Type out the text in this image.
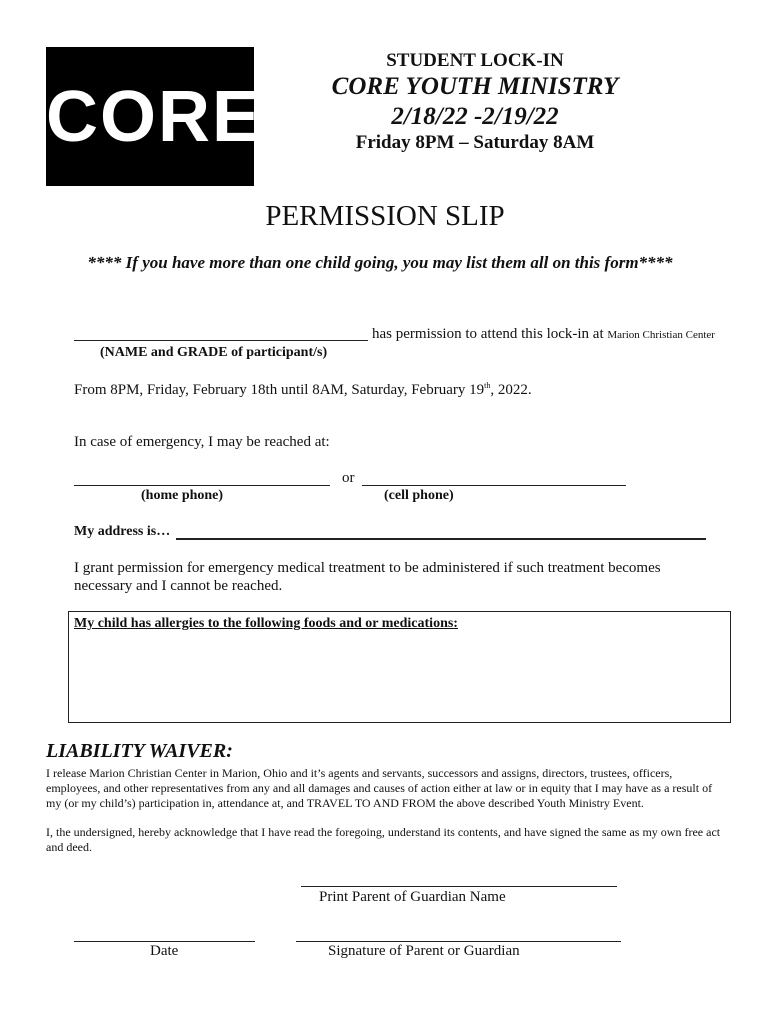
CORE
STUDENT LOCK-IN
CORE YOUTH MINISTRY
2/18/22 -2/19/22
Friday 8PM – Saturday 8AM
PERMISSION SLIP
**** If you have more than one child going, you may list them all on this form****
has permission to attend this lock-in at Marion Christian Center
(NAME and GRADE of participant/s)
From 8PM, Friday, February 18th until 8AM, Saturday, February 19th, 2022.
In case of emergency, I may be reached at:
or
(home phone)	(cell phone)
My address is…
I grant permission for emergency medical treatment to be administered if such treatment becomes necessary and I cannot be reached.
My child has allergies to the following foods and or medications:
LIABILITY WAIVER:
I release Marion Christian Center in Marion, Ohio and it’s agents and servants, successors and assigns, directors, trustees, officers, employees, and other representatives from any and all damages and causes of action either at law or in equity that I may have as a result of my (or my child’s) participation in, attendance at, and TRAVEL TO AND FROM the above described Youth Ministry Event.
I, the undersigned, hereby acknowledge that I have read the foregoing, understand its contents, and have signed the same as my own free act and deed.
Print Parent of Guardian Name
Date	Signature of Parent or Guardian
